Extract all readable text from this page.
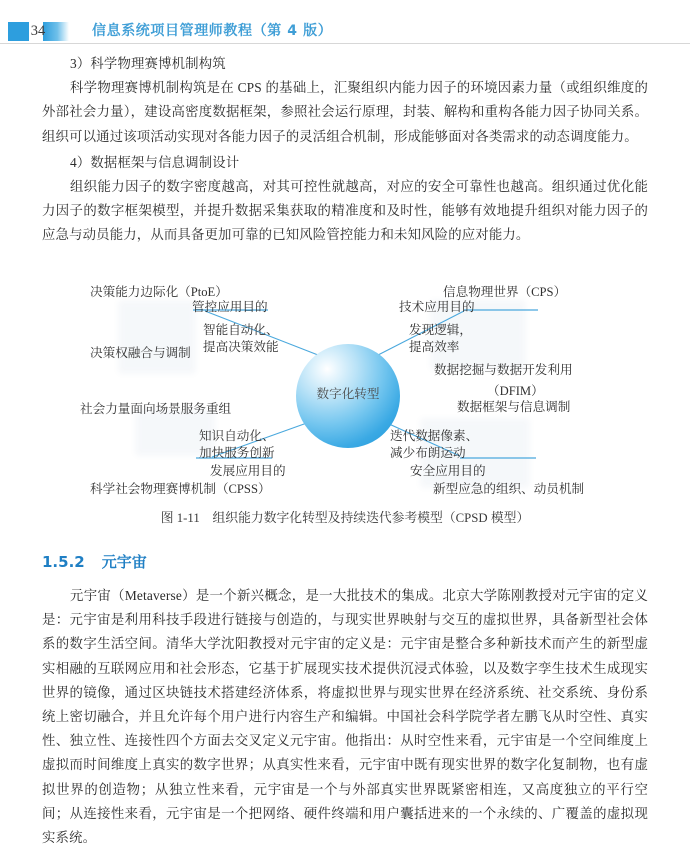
34	信息系统项目管理师教程（第 4 版）

3）科学物理赛博机制构筑

科学物理赛博机制构筑是在 CPS 的基础上，汇聚组织内能力因子的环境因素力量（或组织维度的外部社会力量），建设高密度数据框架，参照社会运行原理，封装、解构和重构各能力因子协同关系。组织可以通过该项活动实现对各能力因子的灵活组合机制，形成能够面对各类需求的动态调度能力。

4）数据框架与信息调制设计

组织能力因子的数字密度越高，对其可控性就越高，对应的安全可靠性也越高。组织通过优化能力因子的数字框架模型，并提升数据采集获取的精准度和及时性，能够有效地提升组织对能力因子的应急与动员能力，从而具备更加可靠的已知风险管控能力和未知风险的应对能力。

数字化转型
决策能力边际化（PtoE）	信息物理世界（CPS）
科学社会物理赛博机制（CPSS）
（DFIM）
数据框架与信息调制
管控应用目的
智能自动化、
提高决策效能
决策权融合与调制
技术应用目的
发现逻辑，
提高效率
数据挖掘与数据开发利用
社会力量面向场景服务重组
知识自动化、
加快服务创新
发展应用目的
迭代数据像素、
减少布朗运动
安全应用目的
新型应急的组织、动员机制
图 1-11　组织能力数字化转型及持续迭代参考模型（CPSD 模型）
1.5.2 元宇宙

元宇宙（Metaverse）是一个新兴概念，是一大批技术的集成。北京大学陈刚教授对元宇宙的定义是：元宇宙是利用科技手段进行链接与创造的，与现实世界映射与交互的虚拟世界，具备新型社会体系的数字生活空间。清华大学沈阳教授对元宇宙的定义是：元宇宙是整合多种新技术而产生的新型虚实相融的互联网应用和社会形态，它基于扩展现实技术提供沉浸式体验，以及数字孪生技术生成现实世界的镜像，通过区块链技术搭建经济体系，将虚拟世界与现实世界在经济系统、社交系统、身份系统上密切融合，并且允许每个用户进行内容生产和编辑。中国社会科学院学者左鹏飞从时空性、真实性、独立性、连接性四个方面去交叉定义元宇宙。他指出：从时空性来看，元宇宙是一个空间维度上虚拟而时间维度上真实的数字世界；从真实性来看，元宇宙中既有现实世界的数字化复制物，也有虚拟世界的创造物；从独立性来看，元宇宙是一个与外部真实世界既紧密相连，又高度独立的平行空间；从连接性来看，元宇宙是一个把网络、硬件终端和用户囊括进来的一个永续的、广覆盖的虚拟现实系统。
